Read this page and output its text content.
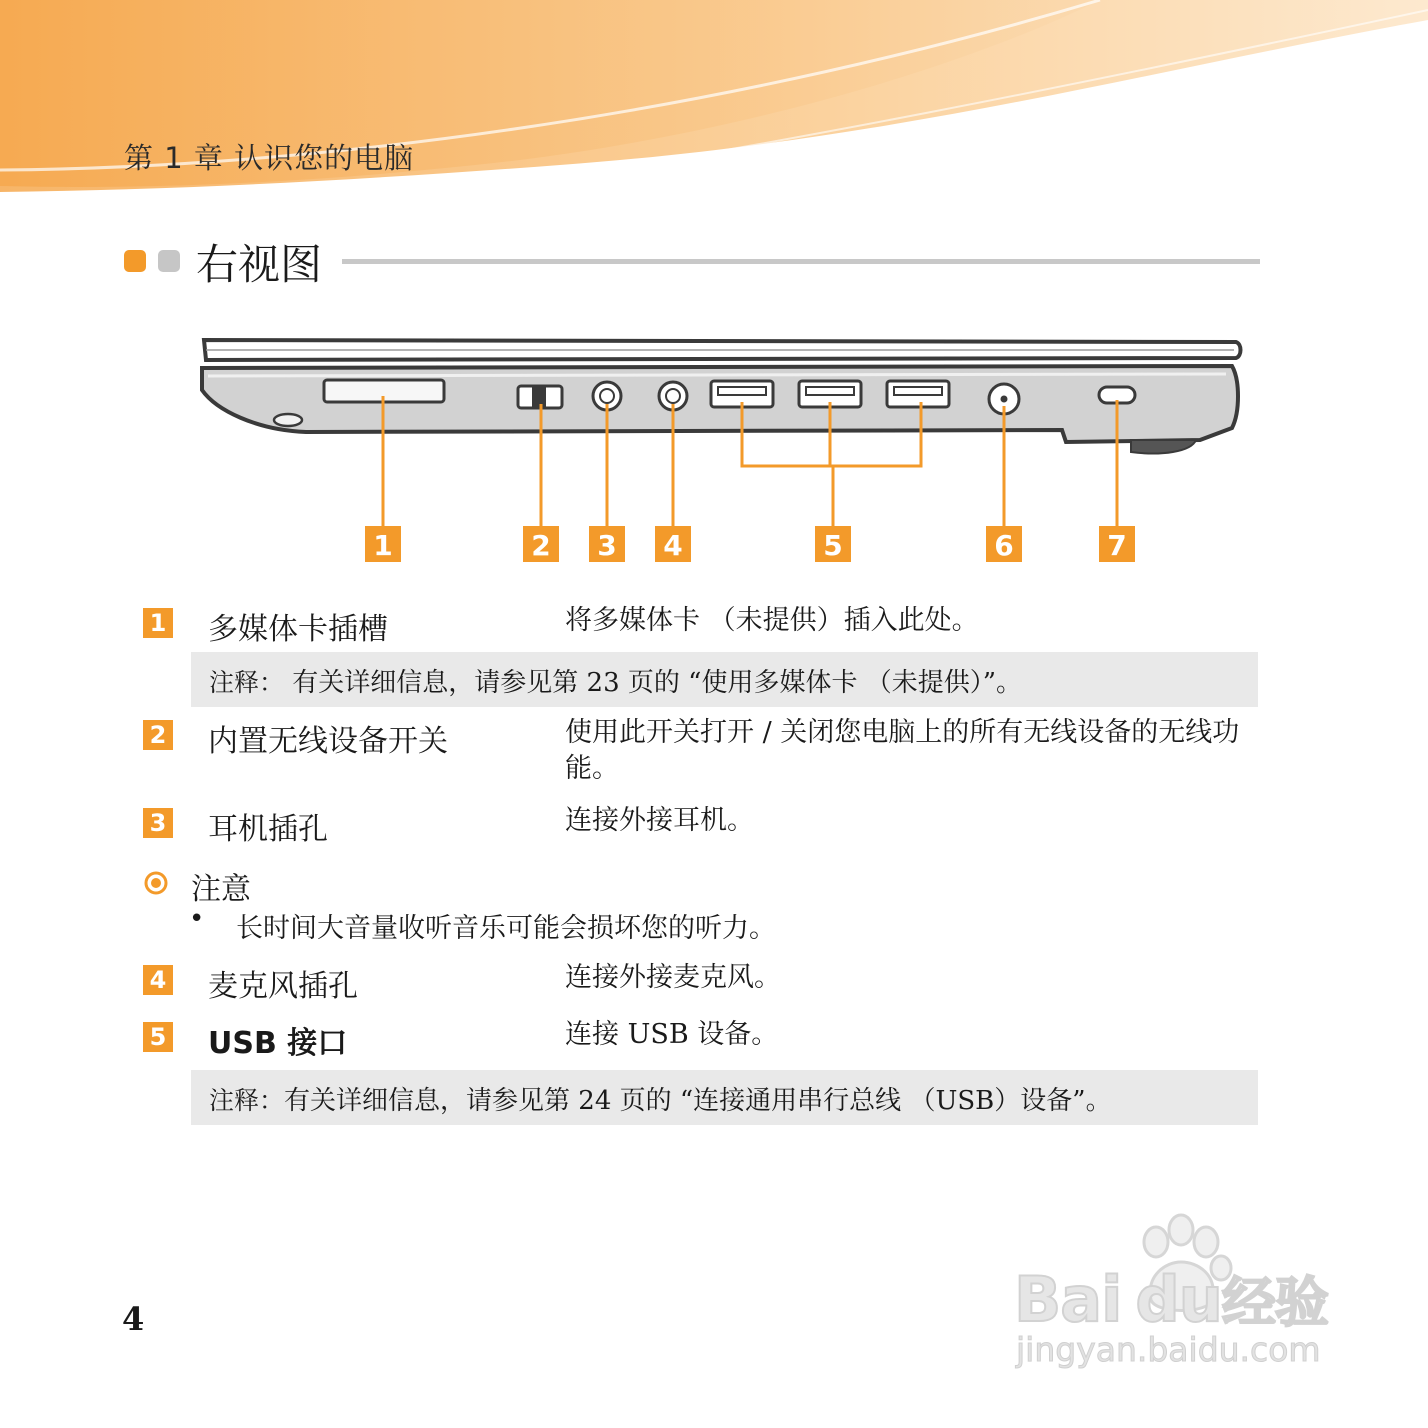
第 1 章 认识您的电脑
右视图
1	2 3 4	5	6	7
1 多媒体卡插槽	将多媒体卡 （未提供）插入此处。
注释： 有关详细信息，请参见第 23 页的 “使用多媒体卡 （未提供）”。
2 内置无线设备开关	使用此开关打开 / 关闭您电脑上的所有无线设备的无线功能。
3 耳机插孔	连接外接耳机。
注意
• 长时间大音量收听音乐可能会损坏您的听力。
4 麦克风插孔	连接外接麦克风。
5 USB 接口	连接 USB 设备。
注释：有关详细信息，请参见第 24 页的 “连接通用串行总线 （USB）设备”。
4	Bai du经验
jingyan.baidu.com
